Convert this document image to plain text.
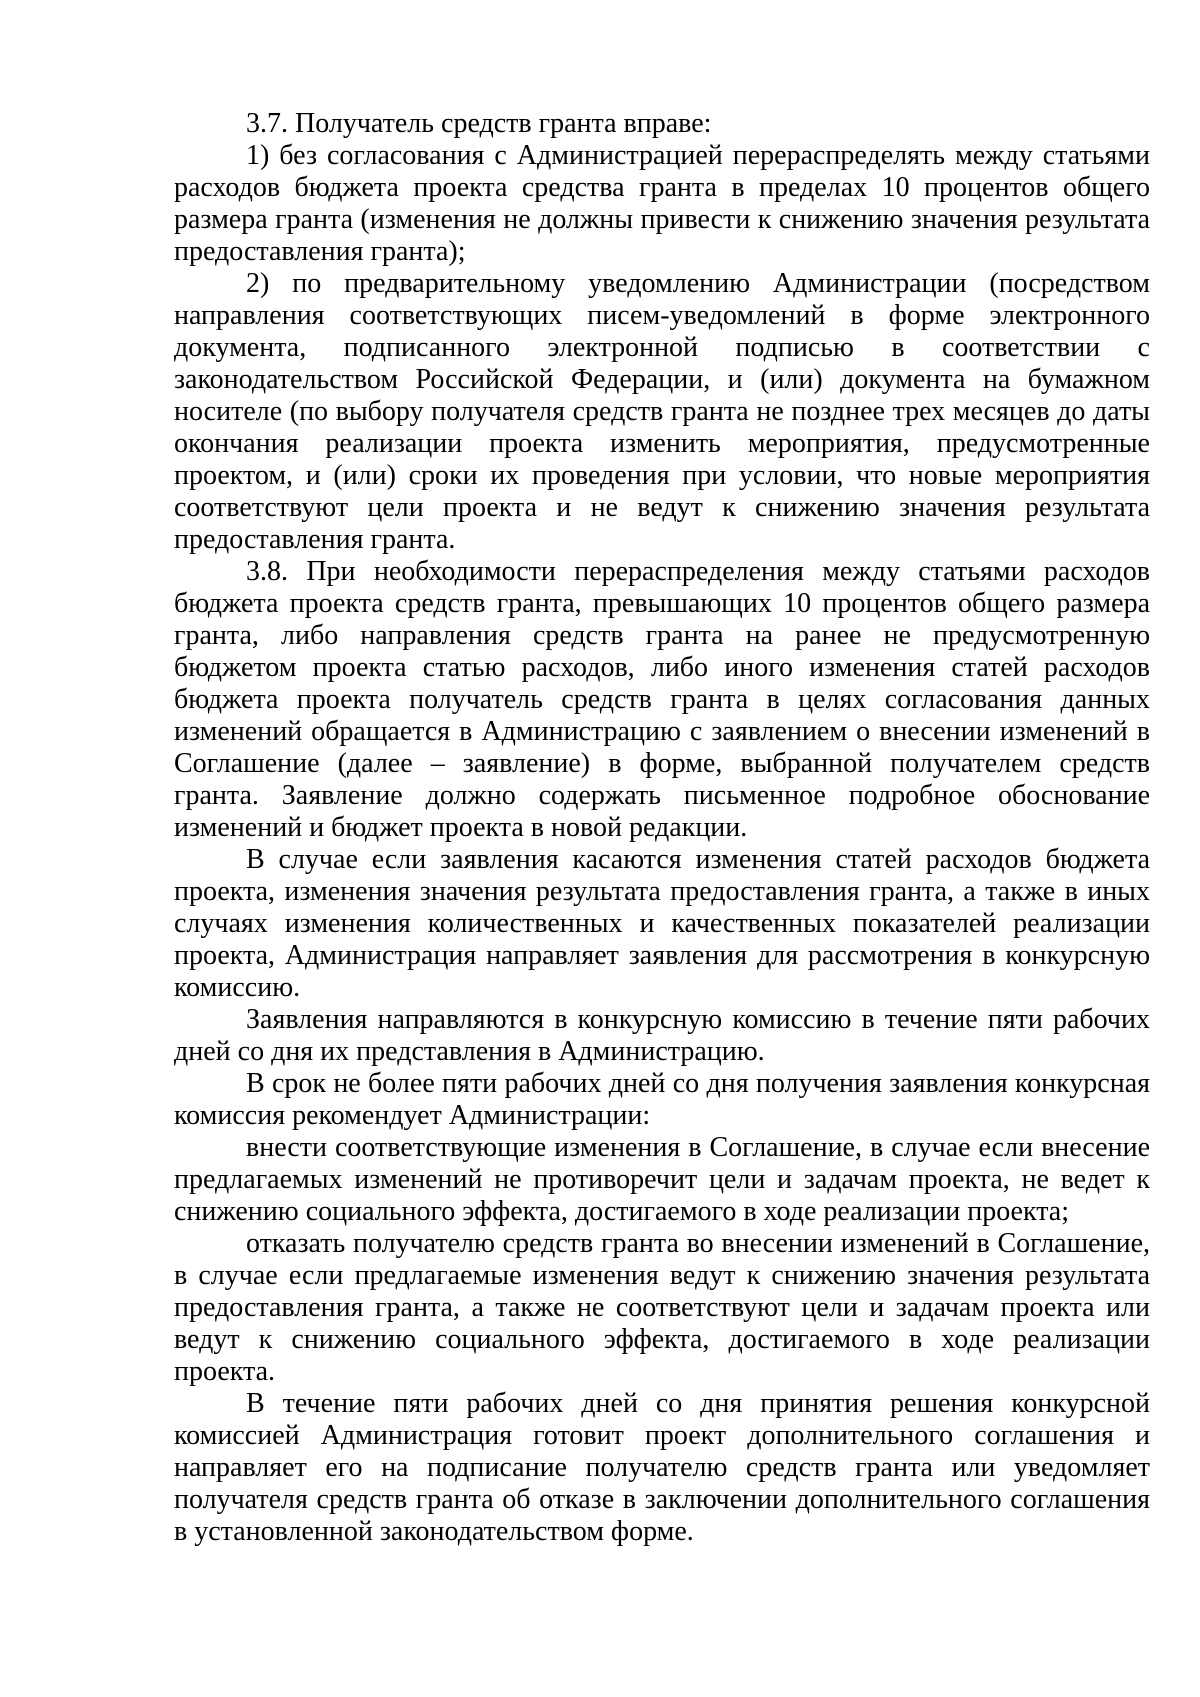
3.7. Получатель средств гранта вправе:

1) без согласования с Администрацией перераспределять между статьями расходов бюджета проекта средства гранта в пределах 10 процентов общего размера гранта (изменения не должны привести к снижению значения результата предоставления гранта);

2) по предварительному уведомлению Администрации (посредством направления соответствующих писем-уведомлений в форме электронного документа, подписанного электронной подписью в соответствии с законодательством Российской Федерации, и (или) документа на бумажном носителе (по выбору получателя средств гранта не позднее трех месяцев до даты окончания реализации проекта изменить мероприятия, предусмотренные проектом, и (или) сроки их проведения при условии, что новые мероприятия соответствуют цели проекта и не ведут к снижению значения результата предоставления гранта.

3.8. При необходимости перераспределения между статьями расходов бюджета проекта средств гранта, превышающих 10 процентов общего размера гранта, либо направления средств гранта на ранее не предусмотренную бюджетом проекта статью расходов, либо иного изменения статей расходов бюджета проекта получатель средств гранта в целях согласования данных изменений обращается в Администрацию с заявлением о внесении изменений в Соглашение (далее – заявление) в форме, выбранной получателем средств гранта. Заявление должно содержать письменное подробное обоснование изменений и бюджет проекта в новой редакции.

В случае если заявления касаются изменения статей расходов бюджета проекта, изменения значения результата предоставления гранта, а также в иных случаях изменения количественных и качественных показателей реализации проекта, Администрация направляет заявления для рассмотрения в конкурсную комиссию.

Заявления направляются в конкурсную комиссию в течение пяти рабочих дней со дня их представления в Администрацию.

В срок не более пяти рабочих дней со дня получения заявления конкурсная комиссия рекомендует Администрации:

внести соответствующие изменения в Соглашение, в случае если внесение предлагаемых изменений не противоречит цели и задачам проекта, не ведет к снижению социального эффекта, достигаемого в ходе реализации проекта;

отказать получателю средств гранта во внесении изменений в Соглашение, в случае если предлагаемые изменения ведут к снижению значения результата предоставления гранта, а также не соответствуют цели и задачам проекта или ведут к снижению социального эффекта, достигаемого в ходе реализации проекта.

В течение пяти рабочих дней со дня принятия решения конкурсной комиссией Администрация готовит проект дополнительного соглашения и направляет его на подписание получателю средств гранта или уведомляет получателя средств гранта об отказе в заключении дополнительного соглашения в установленной законодательством форме.
